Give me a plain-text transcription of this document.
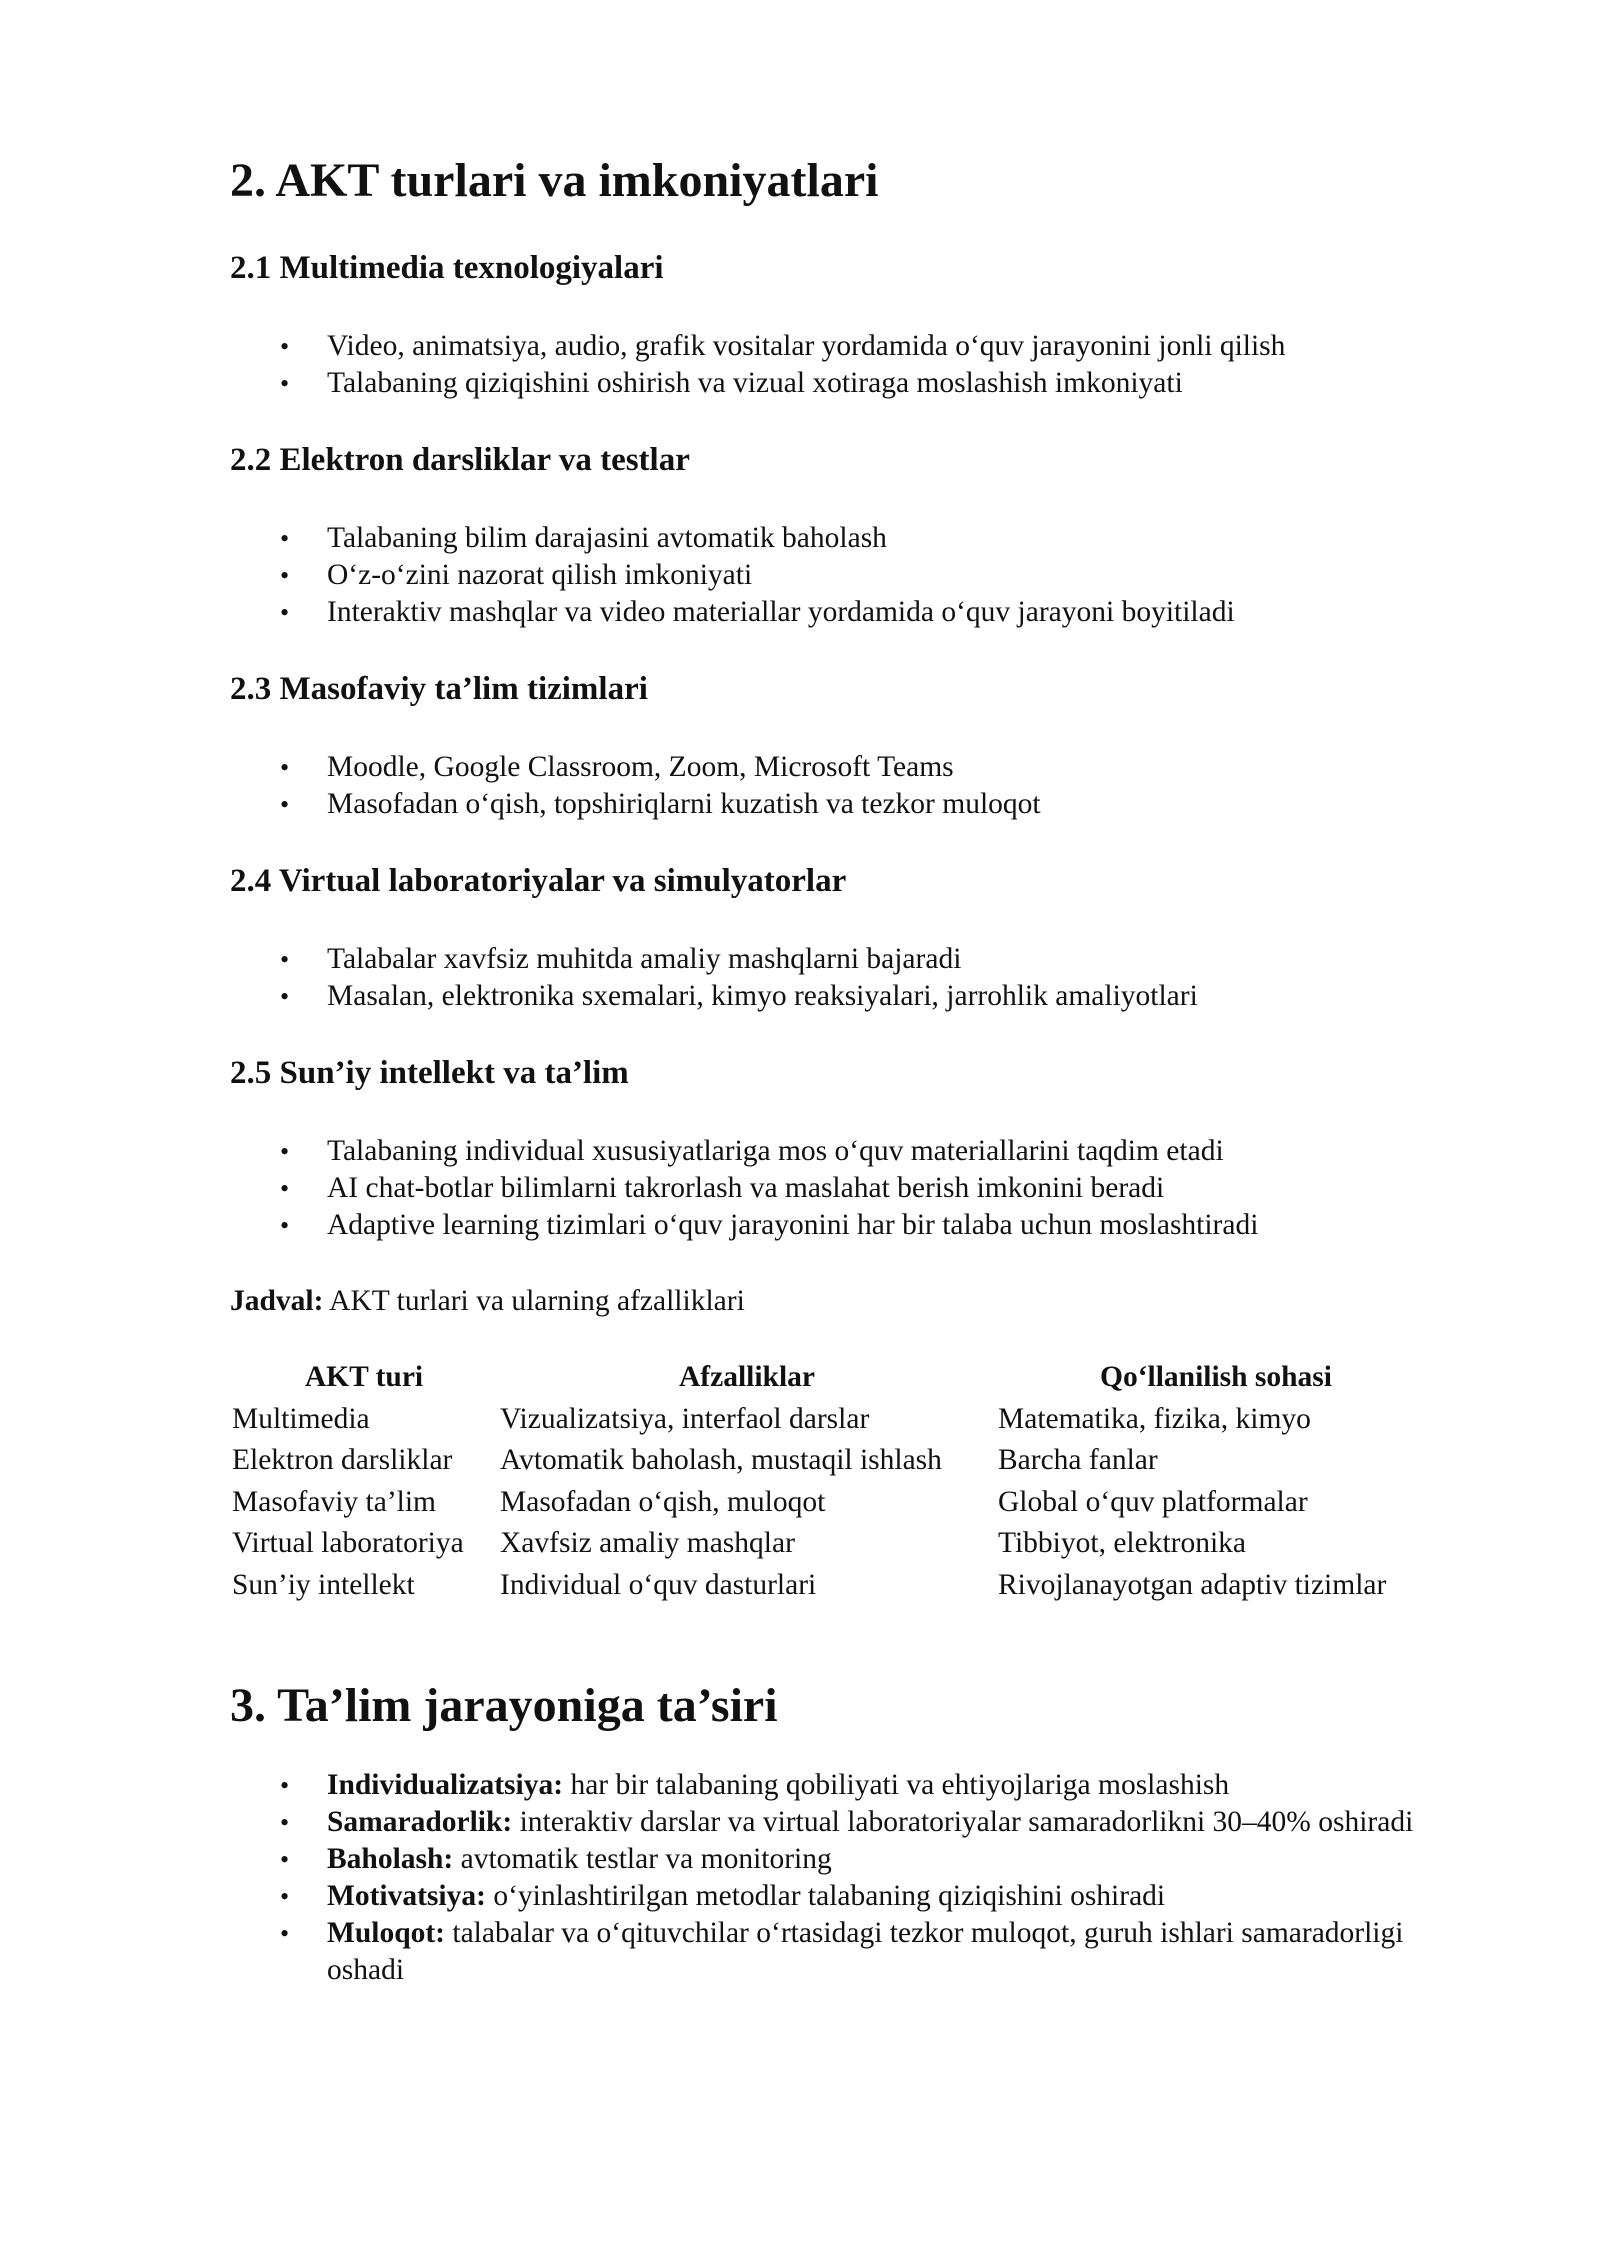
2. AKT turlari va imkoniyatlari
2.1 Multimedia texnologiyalari
• Video, animatsiya, audio, grafik vositalar yordamida o‘quv jarayonini jonli qilish
• Talabaning qiziqishini oshirish va vizual xotiraga moslashish imkoniyati
2.2 Elektron darsliklar va testlar
• Talabaning bilim darajasini avtomatik baholash
• O‘z-o‘zini nazorat qilish imkoniyati
• Interaktiv mashqlar va video materiallar yordamida o‘quv jarayoni boyitiladi
2.3 Masofaviy ta’lim tizimlari
• Moodle, Google Classroom, Zoom, Microsoft Teams
• Masofadan o‘qish, topshiriqlarni kuzatish va tezkor muloqot
2.4 Virtual laboratoriyalar va simulyatorlar
• Talabalar xavfsiz muhitda amaliy mashqlarni bajaradi
• Masalan, elektronika sxemalari, kimyo reaksiyalari, jarrohlik amaliyotlari
2.5 Sun’iy intellekt va ta’lim
• Talabaning individual xususiyatlariga mos o‘quv materiallarini taqdim etadi
• AI chat-botlar bilimlarni takrorlash va maslahat berish imkonini beradi
• Adaptive learning tizimlari o‘quv jarayonini har bir talaba uchun moslashtiradi
Jadval: AKT turlari va ularning afzalliklari
AKT turi	Afzalliklar	Qo‘llanilish sohasi
Multimedia	Vizualizatsiya, interfaol darslar	Matematika, fizika, kimyo
Elektron darsliklar	Avtomatik baholash, mustaqil ishlash	Barcha fanlar
Masofaviy ta’lim	Masofadan o‘qish, muloqot	Global o‘quv platformalar
Virtual laboratoriya	Xavfsiz amaliy mashqlar	Tibbiyot, elektronika
Sun’iy intellekt	Individual o‘quv dasturlari	Rivojlanayotgan adaptiv tizimlar
3. Ta’lim jarayoniga ta’siri
• Individualizatsiya: har bir talabaning qobiliyati va ehtiyojlariga moslashish
• Samaradorlik: interaktiv darslar va virtual laboratoriyalar samaradorlikni 30–40% oshiradi
• Baholash: avtomatik testlar va monitoring
• Motivatsiya: o‘yinlashtirilgan metodlar talabaning qiziqishini oshiradi
• Muloqot: talabalar va o‘qituvchilar o‘rtasidagi tezkor muloqot, guruh ishlari samaradorligi oshadi
